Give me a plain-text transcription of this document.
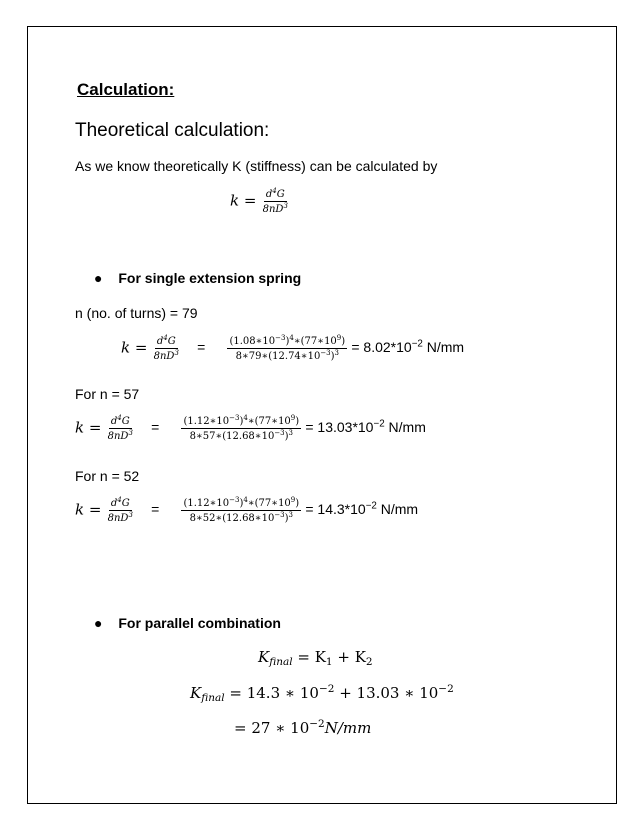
Calculation:
Theoretical calculation:
As we know theoretically K (stiffness) can be calculated by
$k = \frac{d^4G}{8nD^3}$
● For single extension spring
n (no. of turns) = 79
$k = \frac{d^4G}{8nD^3} = \frac{(1.08∗10^{-3})^4∗(77∗10^9)}{8∗79∗(12.74∗10^{-3})^3} = 8.02*10^{-2}$ N/mm
For n = 57
$k = \frac{d^4G}{8nD^3} = \frac{(1.12∗10^{-3})^4∗(77∗10^9)}{8∗57∗(12.68∗10^{-3})^3} = 13.03*10^{-2}$ N/mm
For n = 52
$k = \frac{d^4G}{8nD^3} = \frac{(1.12∗10^{-3})^4∗(77∗10^9)}{8∗52∗(12.68∗10^{-3})^3} = 14.3*10^{-2}$ N/mm
● For parallel combination
$K_{final} = K_1 + K_2$
$K_{final} = 14.3$ ∗ $10^{-2} + 13.03$ ∗ $10^{-2}$
= 27 ∗ $10^{-2}N/mm$
